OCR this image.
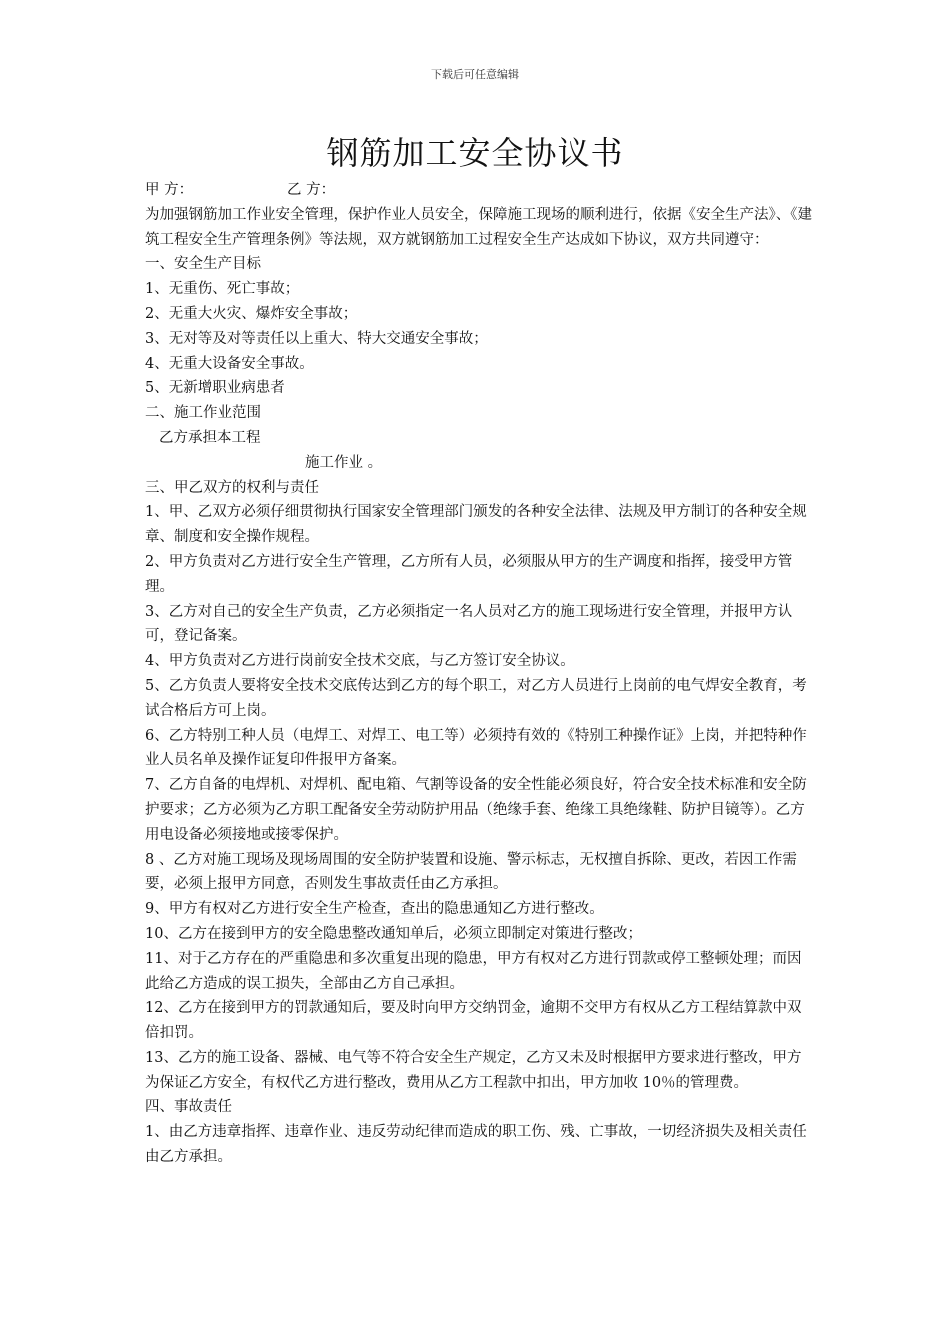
下载后可任意编辑
钢筋加工安全协议书
甲 方：	乙 方：

为加强钢筋加工作业安全管理，保护作业人员安全，保障施工现场的顺利进行，依据《安全生产法》、《建筑工程安全生产管理条例》等法规，双方就钢筋加工过程安全生产达成如下协议，双方共同遵守：

一、安全生产目标

1、无重伤、死亡事故；

2、无重大火灾、爆炸安全事故；

3、无对等及对等责任以上重大、特大交通安全事故；

4、无重大设备安全事故。

5、无新增职业病患者

二、施工作业范围

乙方承担本工程

施工作业 。

三、甲乙双方的权利与责任

1、甲、乙双方必须仔细贯彻执行国家安全管理部门颁发的各种安全法律、法规及甲方制订的各种安全规章、制度和安全操作规程。

2、甲方负责对乙方进行安全生产管理，乙方所有人员，必须服从甲方的生产调度和指挥，接受甲方管理。

3、乙方对自己的安全生产负责，乙方必须指定一名人员对乙方的施工现场进行安全管理，并报甲方认可，登记备案。

4、甲方负责对乙方进行岗前安全技术交底，与乙方签订安全协议。

5、乙方负责人要将安全技术交底传达到乙方的每个职工，对乙方人员进行上岗前的电气焊安全教育，考试合格后方可上岗。

6、乙方特别工种人员（电焊工、对焊工、电工等）必须持有效的《特别工种操作证》上岗，并把特种作业人员名单及操作证复印件报甲方备案。

7、乙方自备的电焊机、对焊机、配电箱、气割等设备的安全性能必须良好，符合安全技术标准和安全防护要求；乙方必须为乙方职工配备安全劳动防护用品（绝缘手套、绝缘工具绝缘鞋、防护目镜等）。乙方用电设备必须接地或接零保护。

8 、乙方对施工现场及现场周围的安全防护装置和设施、警示标志，无权擅自拆除、更改，若因工作需要，必须上报甲方同意，否则发生事故责任由乙方承担。

9、甲方有权对乙方进行安全生产检查，查出的隐患通知乙方进行整改。

10、乙方在接到甲方的安全隐患整改通知单后，必须立即制定对策进行整改；

11、对于乙方存在的严重隐患和多次重复出现的隐患，甲方有权对乙方进行罚款或停工整顿处理；而因此给乙方造成的误工损失，全部由乙方自己承担。

12、乙方在接到甲方的罚款通知后，要及时向甲方交纳罚金，逾期不交甲方有权从乙方工程结算款中双倍扣罚。

13、乙方的施工设备、器械、电气等不符合安全生产规定，乙方又未及时根据甲方要求进行整改，甲方为保证乙方安全，有权代乙方进行整改，费用从乙方工程款中扣出，甲方加收 10％的管理费。

四、事故责任

1、由乙方违章指挥、违章作业、违反劳动纪律而造成的职工伤、残、亡事故，一切经济损失及相关责任由乙方承担。
